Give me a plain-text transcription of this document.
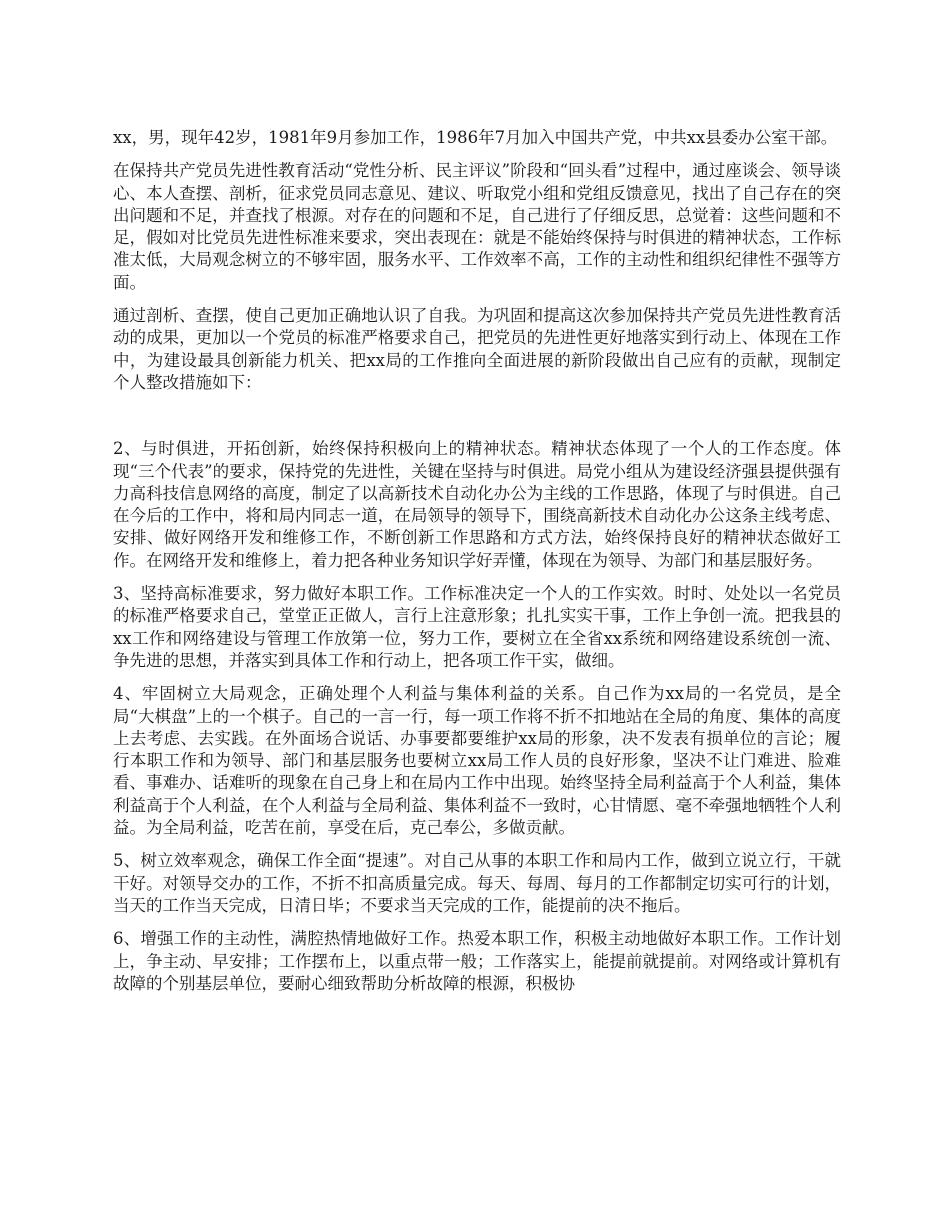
xx，男，现年42岁，1981年9月参加工作，1986年7月加入中国共产党，中共xx县委办公室干部。

在保持共产党员先进性教育活动“党性分析、民主评议”阶段和“回头看”过程中，通过座谈会、领导谈心、本人查摆、剖析，征求党员同志意见、建议、听取党小组和党组反馈意见，找出了自己存在的突出问题和不足，并查找了根源。对存在的问题和不足，自己进行了仔细反思，总觉着：这些问题和不足，假如对比党员先进性标准来要求，突出表现在：就是不能始终保持与时俱进的精神状态，工作标准太低，大局观念树立的不够牢固，服务水平、工作效率不高，工作的主动性和组织纪律性不强等方面。

通过剖析、查摆，使自己更加正确地认识了自我。为巩固和提高这次参加保持共产党员先进性教育活动的成果，更加以一个党员的标准严格要求自己，把党员的先进性更好地落实到行动上、体现在工作中，为建设最具创新能力机关、把xx局的工作推向全面进展的新阶段做出自己应有的贡献，现制定个人整改措施如下：

2、与时俱进，开拓创新，始终保持积极向上的精神状态。精神状态体现了一个人的工作态度。体现“三个代表”的要求，保持党的先进性，关键在坚持与时俱进。局党小组从为建设经济强县提供强有力高科技信息网络的高度，制定了以高新技术自动化办公为主线的工作思路，体现了与时俱进。自己在今后的工作中，将和局内同志一道，在局领导的领导下，围绕高新技术自动化办公这条主线考虑、安排、做好网络开发和维修工作，不断创新工作思路和方式方法，始终保持良好的精神状态做好工作。在网络开发和维修上，着力把各种业务知识学好弄懂，体现在为领导、为部门和基层服好务。

3、坚持高标准要求，努力做好本职工作。工作标准决定一个人的工作实效。时时、处处以一名党员的标准严格要求自己，堂堂正正做人，言行上注意形象；扎扎实实干事，工作上争创一流。把我县的xx工作和网络建设与管理工作放第一位，努力工作，要树立在全省xx系统和网络建设系统创一流、争先进的思想，并落实到具体工作和行动上，把各项工作干实，做细。

4、牢固树立大局观念，正确处理个人利益与集体利益的关系。自己作为xx局的一名党员，是全局“大棋盘”上的一个棋子。自己的一言一行，每一项工作将不折不扣地站在全局的角度、集体的高度上去考虑、去实践。在外面场合说话、办事要都要维护xx局的形象，决不发表有损单位的言论；履行本职工作和为领导、部门和基层服务也要树立xx局工作人员的良好形象，坚决不让门难进、脸难看、事难办、话难听的现象在自己身上和在局内工作中出现。始终坚持全局利益高于个人利益，集体利益高于个人利益，在个人利益与全局利益、集体利益不一致时，心甘情愿、毫不牵强地牺牲个人利益。为全局利益，吃苦在前，享受在后，克己奉公，多做贡献。

5、树立效率观念，确保工作全面“提速”。对自己从事的本职工作和局内工作，做到立说立行，干就干好。对领导交办的工作，不折不扣高质量完成。每天、每周、每月的工作都制定切实可行的计划，当天的工作当天完成，日清日毕；不要求当天完成的工作，能提前的决不拖后。

6、增强工作的主动性，满腔热情地做好工作。热爱本职工作，积极主动地做好本职工作。工作计划上，争主动、早安排；工作摆布上，以重点带一般；工作落实上，能提前就提前。对网络或计算机有故障的个别基层单位，要耐心细致帮助分析故障的根源，积极协
